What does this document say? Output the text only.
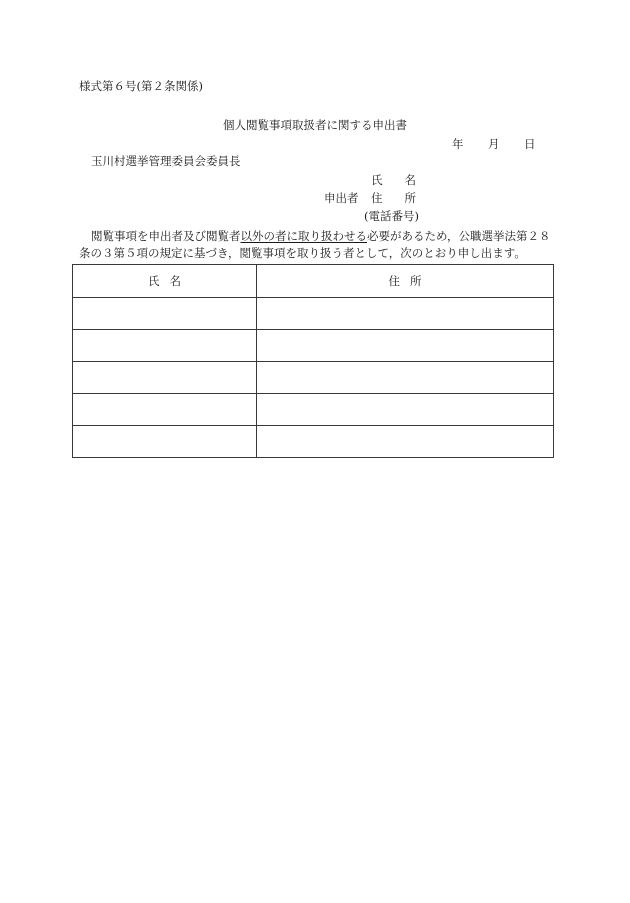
様式第６号(第２条関係)
個人閲覧事項取扱者に関する申出書
年 月 日
玉川村選挙管理委員会委員長
氏 名
申出者 住 所
(電話番号)
閲覧事項を申出者及び閲覧者以外の者に取り扱わせる必要があるため，公職選挙法第２８条の３第５項の規定に基づき，閲覧事項を取り扱う者として，次のとおり申し出ます。
氏 名	住 所
